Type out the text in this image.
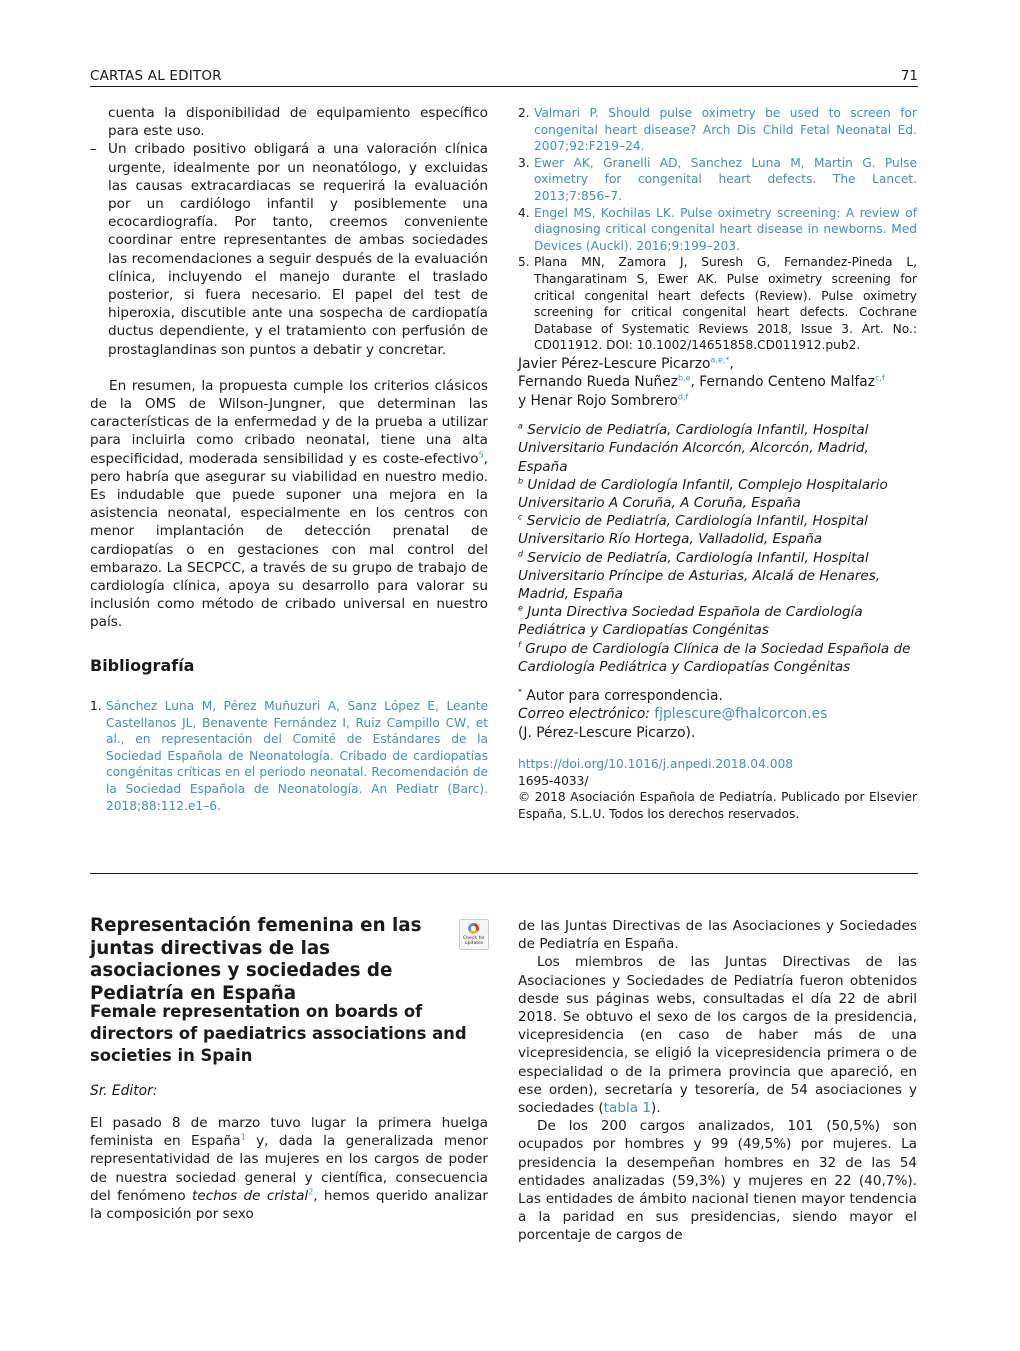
CARTAS AL EDITOR	71

cuenta la disponibilidad de equipamiento específico para este uso.

– Un cribado positivo obligará a una valoración clínica urgente, idealmente por un neonatólogo, y excluidas las causas extracardiacas se requerirá la evaluación por un cardiólogo infantil y posiblemente una ecocardiografía. Por tanto, creemos conveniente coordinar entre representantes de ambas sociedades las recomendaciones a seguir después de la evaluación clínica, incluyendo el manejo durante el traslado posterior, si fuera necesario. El papel del test de hiperoxia, discutible ante una sospecha de cardiopatía ductus dependiente, y el tratamiento con perfusión de prostaglandinas son puntos a debatir y concretar.

En resumen, la propuesta cumple los criterios clásicos de la OMS de Wilson-Jungner, que determinan las características de la enfermedad y de la prueba a utilizar para incluirla como cribado neonatal, tiene una alta especificidad, moderada sensibilidad y es coste-efectivo$^5$, pero habría que asegurar su viabilidad en nuestro medio. Es indudable que puede suponer una mejora en la asistencia neonatal, especialmente en los centros con menor implantación de detección prenatal de cardiopatías o en gestaciones con mal control del embarazo. La SECPCC, a través de su grupo de trabajo de cardiología clínica, apoya su desarrollo para valorar su inclusión como método de cribado universal en nuestro país.

Bibliografía
1. Sánchez Luna M, Pérez Muñuzuri A, Sanz López E, Leante Castellanos JL, Benavente Fernández I, Ruiz Campillo CW, et al., en representación del Comité de Estándares de la Sociedad Española de Neonatología. Cribado de cardiopatías congénitas críticas en el periodo neonatal. Recomendación de la Sociedad Española de Neonatología. An Pediatr (Barc). 2018;88:112.e1–6.
2. Valmari P. Should pulse oximetry be used to screen for congenital heart disease? Arch Dis Child Fetal Neonatal Ed. 2007;92:F219–24.
3. Ewer AK, Granelli AD, Sanchez Luna M, Martin G. Pulse oximetry for congenital heart defects. The Lancet. 2013;7:856–7.
4. Engel MS, Kochilas LK. Pulse oximetry screening: A review of diagnosing critical congenital heart disease in newborns. Med Devices (Auckl). 2016;9:199–203.
5. Plana MN, Zamora J, Suresh G, Fernandez-Pineda L, Thangaratinam S, Ewer AK. Pulse oximetry screening for critical congenital heart defects (Review). Pulse oximetry screening for critical congenital heart defects. Cochrane Database of Systematic Reviews 2018, Issue 3. Art. No.: CD011912. DOI: 10.1002/14651858.CD011912.pub2.
Javier Pérez-Lescure Picarzo$^{a,e,*}$,
Fernando Rueda Nuñez$^{b,e}$, Fernando Centeno Malfaz$^{c,f}$
y Henar Rojo Sombrero$^{d,f}$
$^a$ Servicio de Pediatría, Cardiología Infantil, Hospital Universitario Fundación Alcorcón, Alcorcón, Madrid, España
$^b$ Unidad de Cardiología Infantil, Complejo Hospitalario Universitario A Coruña, A Coruña, España
$^c$ Servicio de Pediatría, Cardiología Infantil, Hospital Universitario Río Hortega, Valladolid, España
$^d$ Servicio de Pediatría, Cardiología Infantil, Hospital Universitario Príncipe de Asturias, Alcalá de Henares, Madrid, España
$^e$ Junta Directiva Sociedad Española de Cardiología Pediátrica y Cardiopatías Congénitas
$^f$ Grupo de Cardiología Clínica de la Sociedad Española de Cardiología Pediátrica y Cardiopatías Congénitas
* Autor para correspondencia.
Correo electrónico: fjplescure@fhalcorcon.es
(J. Pérez-Lescure Picarzo).
https://doi.org/10.1016/j.anpedi.2018.04.008
1695-4033/
© 2018 Asociación Española de Pediatría. Publicado por Elsevier España, S.L.U. Todos los derechos reservados.
Representación femenina en las juntas directivas de las asociaciones y sociedades de Pediatría en España
Check for updates
Female representation on boards of directors of paediatrics associations and societies in Spain
Sr. Editor:

El pasado 8 de marzo tuvo lugar la primera huelga feminista en España$^1$ y, dada la generalizada menor representatividad de las mujeres en los cargos de poder de nuestra sociedad general y científica, consecuencia del fenómeno techos de cristal$^2$, hemos querido analizar la composición por sexo

de las Juntas Directivas de las Asociaciones y Sociedades de Pediatría en España.

Los miembros de las Juntas Directivas de las Asociaciones y Sociedades de Pediatría fueron obtenidos desde sus páginas webs, consultadas el día 22 de abril 2018. Se obtuvo el sexo de los cargos de la presidencia, vicepresidencia (en caso de haber más de una vicepresidencia, se eligió la vicepresidencia primera o de especialidad o de la primera provincia que apareció, en ese orden), secretaría y tesorería, de 54 asociaciones y sociedades (tabla 1).

De los 200 cargos analizados, 101 (50,5%) son ocupados por hombres y 99 (49,5%) por mujeres. La presidencia la desempeñan hombres en 32 de las 54 entidades analizadas (59,3%) y mujeres en 22 (40,7%). Las entidades de ámbito nacional tienen mayor tendencia a la paridad en sus presidencias, siendo mayor el porcentaje de cargos de
